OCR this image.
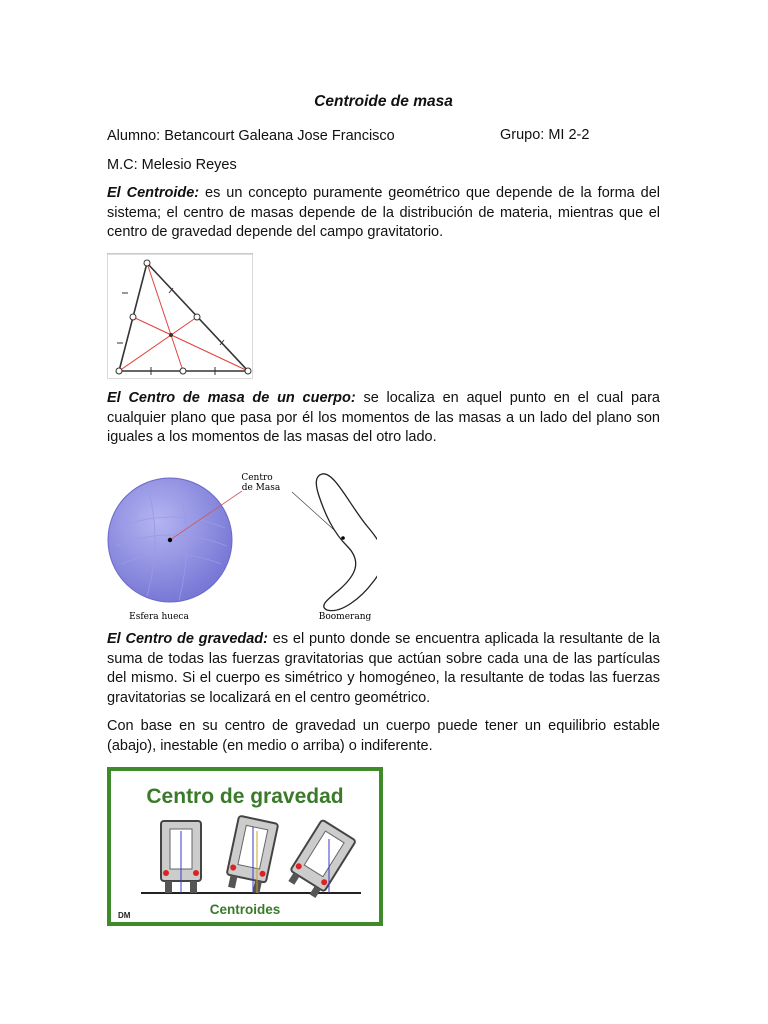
Centroide de masa
Alumno: Betancourt Galeana Jose Francisco	Grupo: MI 2-2
M.C: Melesio Reyes
El Centroide: es un concepto puramente geométrico que depende de la forma del sistema; el centro de masas depende de la distribución de materia, mientras que el centro de gravedad depende del campo gravitatorio.
El Centro de masa de un cuerpo: se localiza en aquel punto en el cual para cualquier plano que pasa por él los momentos de las masas a un lado del plano son iguales a los momentos de las masas del otro lado.
El Centro de gravedad: es el punto donde se encuentra aplicada la resultante de la suma de todas las fuerzas gravitatorias que actúan sobre cada una de las partículas del mismo. Si el cuerpo es simétrico y homogéneo, la resultante de todas las fuerzas gravitatorias se localizará en el centro geométrico.
Con base en su centro de gravedad un cuerpo puede tener un equilibrio estable (abajo), inestable (en medio o arriba) o indiferente.
Centro
de Masa
Esfera hueca	Boomerang
Centro de gravedad
Centroides
DM
